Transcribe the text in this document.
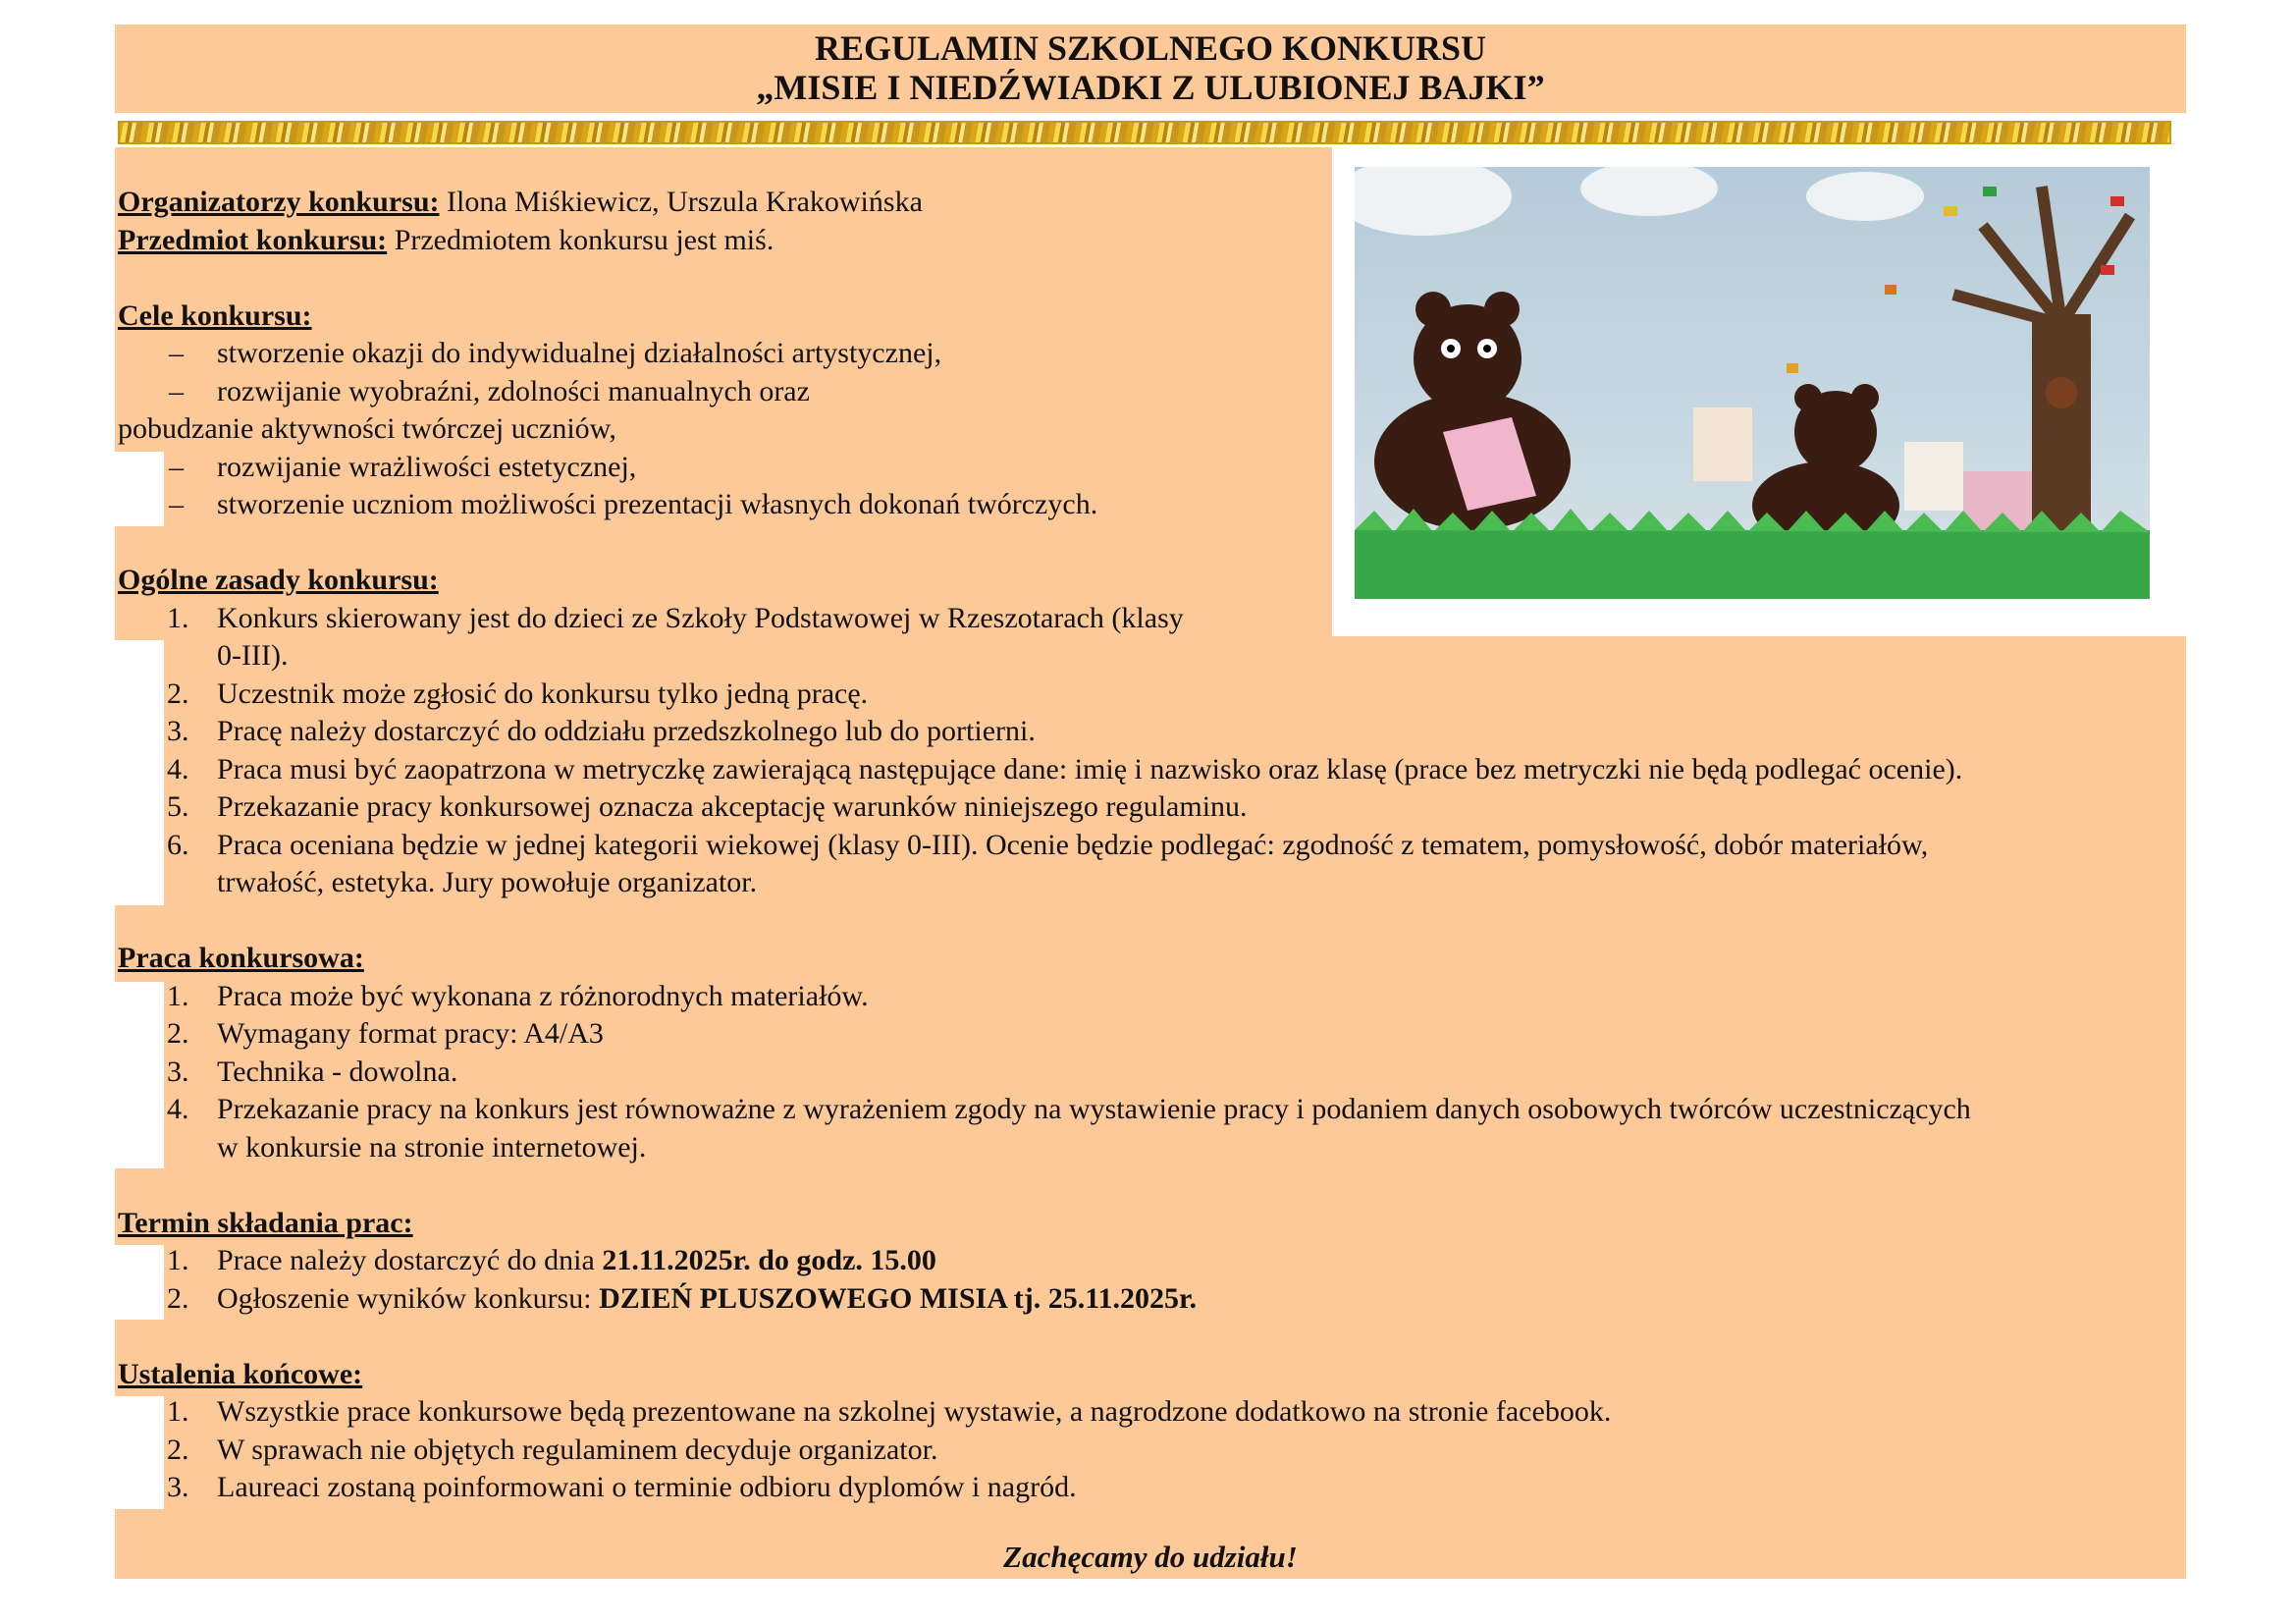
REGULAMIN SZKOLNEGO KONKURSU
„MISIE I NIEDŹWIADKI Z ULUBIONEJ BAJKI”
Organizatorzy konkursu: Ilona Miśkiewicz, Urszula Krakowińska
Przedmiot konkursu: Przedmiotem konkursu jest miś.
Cele konkursu:
– stworzenie okazji do indywidualnej działalności artystycznej,
– rozwijanie wyobraźni, zdolności manualnych oraz
pobudzanie aktywności twórczej uczniów,
– rozwijanie wrażliwości estetycznej,
– stworzenie uczniom możliwości prezentacji własnych dokonań twórczych.
Ogólne zasady konkursu:
1. Konkurs skierowany jest do dzieci ze Szkoły Podstawowej w Rzeszotarach (klasy
0-III).
2. Uczestnik może zgłosić do konkursu tylko jedną pracę.
3. Pracę należy dostarczyć do oddziału przedszkolnego lub do portierni.
4. Praca musi być zaopatrzona w metryczkę zawierającą następujące dane: imię i nazwisko oraz klasę (prace bez metryczki nie będą podlegać ocenie).
5. Przekazanie pracy konkursowej oznacza akceptację warunków niniejszego regulaminu.
6. Praca oceniana będzie w jednej kategorii wiekowej (klasy 0-III). Ocenie będzie podlegać: zgodność z tematem, pomysłowość, dobór materiałów,
trwałość, estetyka. Jury powołuje organizator.
Praca konkursowa:
1. Praca może być wykonana z różnorodnych materiałów.
2. Wymagany format pracy: A4/A3
3. Technika - dowolna.
4. Przekazanie pracy na konkurs jest równoważne z wyrażeniem zgody na wystawienie pracy i podaniem danych osobowych twórców uczestniczących
w konkursie na stronie internetowej.
Termin składania prac:
1. Prace należy dostarczyć do dnia 21.11.2025r. do godz. 15.00
2. Ogłoszenie wyników konkursu: DZIEŃ PLUSZOWEGO MISIA tj. 25.11.2025r.
Ustalenia końcowe:
1. Wszystkie prace konkursowe będą prezentowane na szkolnej wystawie, a nagrodzone dodatkowo na stronie facebook.
2. W sprawach nie objętych regulaminem decyduje organizator.
3. Laureaci zostaną poinformowani o terminie odbioru dyplomów i nagród.
Zachęcamy do udziału!
